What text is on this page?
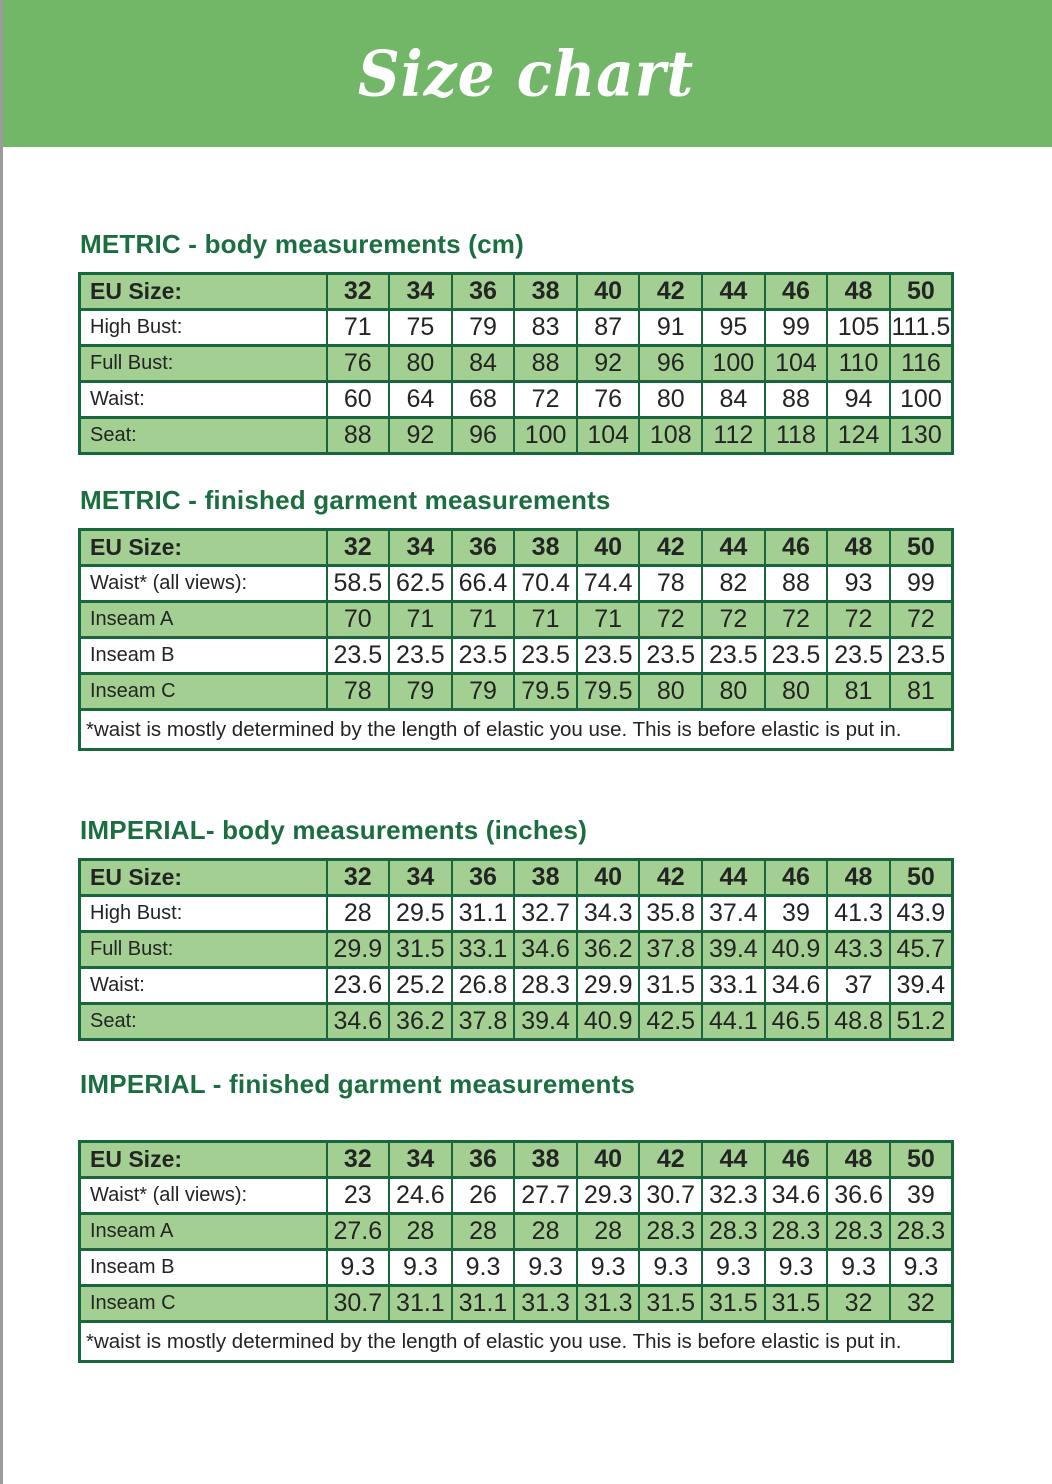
Size chart
METRIC - body measurements (cm)
EU Size:	32	34	36	38	40	42	44	46	48	50
High Bust:	71	75	79	83	87	91	95	99	105	111.5
Full Bust:	76	80	84	88	92	96	100	104	110	116
Waist:	60	64	68	72	76	80	84	88	94	100
Seat:	88	92	96	100	104	108	112	118	124	130
METRIC - finished garment measurements
EU Size:	32	34	36	38	40	42	44	46	48	50
Waist* (all views):	58.5	62.5	66.4	70.4	74.4	78	82	88	93	99
Inseam A	70	71	71	71	71	72	72	72	72	72
Inseam B	23.5	23.5	23.5	23.5	23.5	23.5	23.5	23.5	23.5	23.5
Inseam C	78	79	79	79.5	79.5	80	80	80	81	81
*waist is mostly determined by the length of elastic you use. This is before elastic is put in.										
IMPERIAL- body measurements (inches)
EU Size:	32	34	36	38	40	42	44	46	48	50
High Bust:	28	29.5	31.1	32.7	34.3	35.8	37.4	39	41.3	43.9
Full Bust:	29.9	31.5	33.1	34.6	36.2	37.8	39.4	40.9	43.3	45.7
Waist:	23.6	25.2	26.8	28.3	29.9	31.5	33.1	34.6	37	39.4
Seat:	34.6	36.2	37.8	39.4	40.9	42.5	44.1	46.5	48.8	51.2
IMPERIAL - finished garment measurements
EU Size:	32	34	36	38	40	42	44	46	48	50
Waist* (all views):	23	24.6	26	27.7	29.3	30.7	32.3	34.6	36.6	39
Inseam A	27.6	28	28	28	28	28.3	28.3	28.3	28.3	28.3
Inseam B	9.3	9.3	9.3	9.3	9.3	9.3	9.3	9.3	9.3	9.3
Inseam C	30.7	31.1	31.1	31.3	31.3	31.5	31.5	31.5	32	32
*waist is mostly determined by the length of elastic you use. This is before elastic is put in.										
